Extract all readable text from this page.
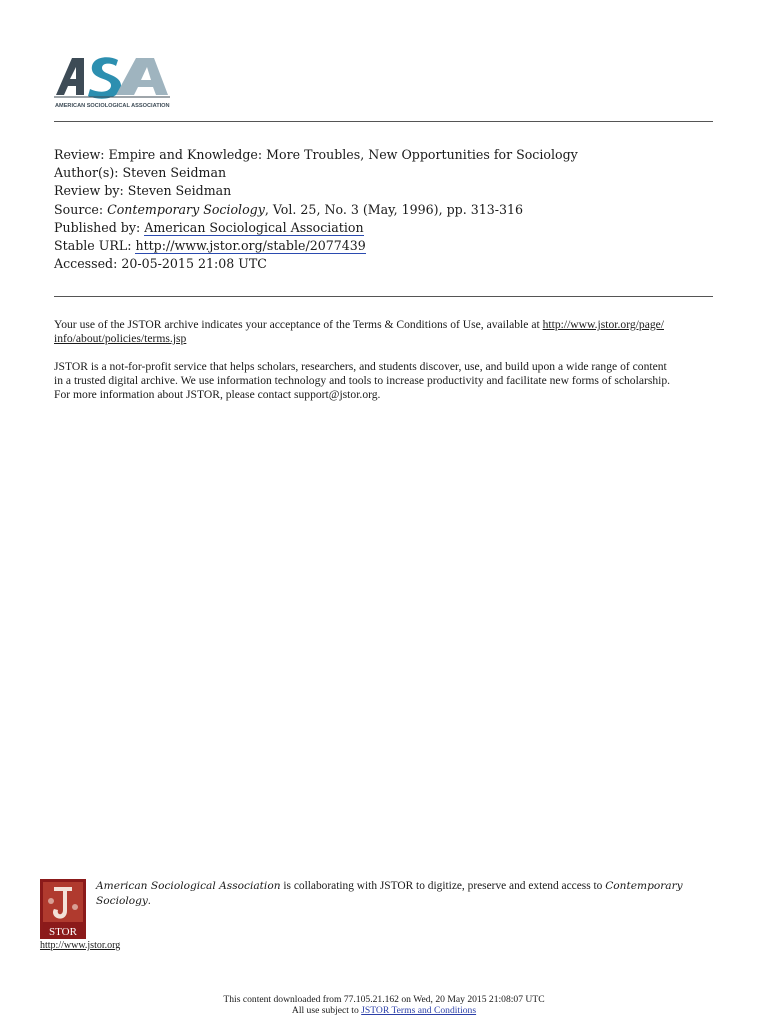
AMERICAN SOCIOLOGICAL ASSOCIATION
Review: Empire and Knowledge: More Troubles, New Opportunities for Sociology
Author(s): Steven Seidman
Review by: Steven Seidman
Source: Contemporary Sociology, Vol. 25, No. 3 (May, 1996), pp. 313-316
Published by: American Sociological Association
Stable URL: http://www.jstor.org/stable/2077439
Accessed: 20-05-2015 21:08 UTC
Your use of the JSTOR archive indicates your acceptance of the Terms & Conditions of Use, available at http://www.jstor.org/page/
info/about/policies/terms.jsp
JSTOR is a not-for-profit service that helps scholars, researchers, and students discover, use, and build upon a wide range of content
in a trusted digital archive. We use information technology and tools to increase productivity and facilitate new forms of scholarship.
For more information about JSTOR, please contact support@jstor.org.
STOR
http://www.jstor.org
American Sociological Association is collaborating with JSTOR to digitize, preserve and extend access to Contemporary Sociology.
This content downloaded from 77.105.21.162 on Wed, 20 May 2015 21:08:07 UTC
All use subject to JSTOR Terms and Conditions
